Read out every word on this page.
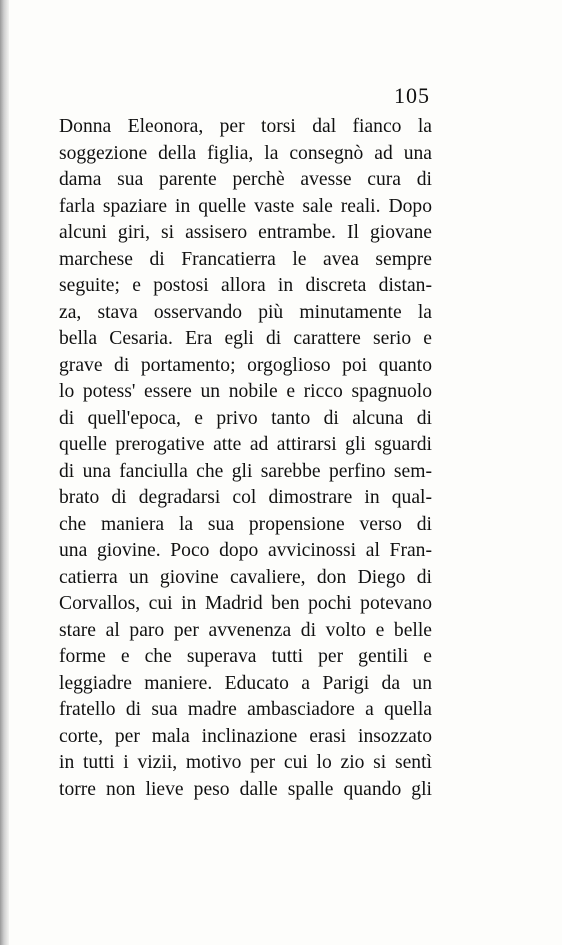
105
Donna Eleonora, per torsi dal fianco la
soggezione della figlia, la consegnò ad una
dama sua parente perchè avesse cura di
farla spaziare in quelle vaste sale reali. Dopo
alcuni giri, si assisero entrambe. Il giovane
marchese di Francatierra le avea sempre
seguite; e postosi allora in discreta distan-
za, stava osservando più minutamente la
bella Cesaria. Era egli di carattere serio e
grave di portamento; orgoglioso poi quanto
lo potess' essere un nobile e ricco spagnuolo
di quell'epoca, e privo tanto di alcuna di
quelle prerogative atte ad attirarsi gli sguardi
di una fanciulla che gli sarebbe perfino sem-
brato di degradarsi col dimostrare in qual-
che maniera la sua propensione verso di
una giovine. Poco dopo avvicinossi al Fran-
catierra un giovine cavaliere, don Diego di
Corvallos, cui in Madrid ben pochi potevano
stare al paro per avvenenza di volto e belle
forme e che superava tutti per gentili e
leggiadre maniere. Educato a Parigi da un
fratello di sua madre ambasciadore a quella
corte, per mala inclinazione erasi insozzato
in tutti i vizii, motivo per cui lo zio si sentì
torre non lieve peso dalle spalle quando gli
